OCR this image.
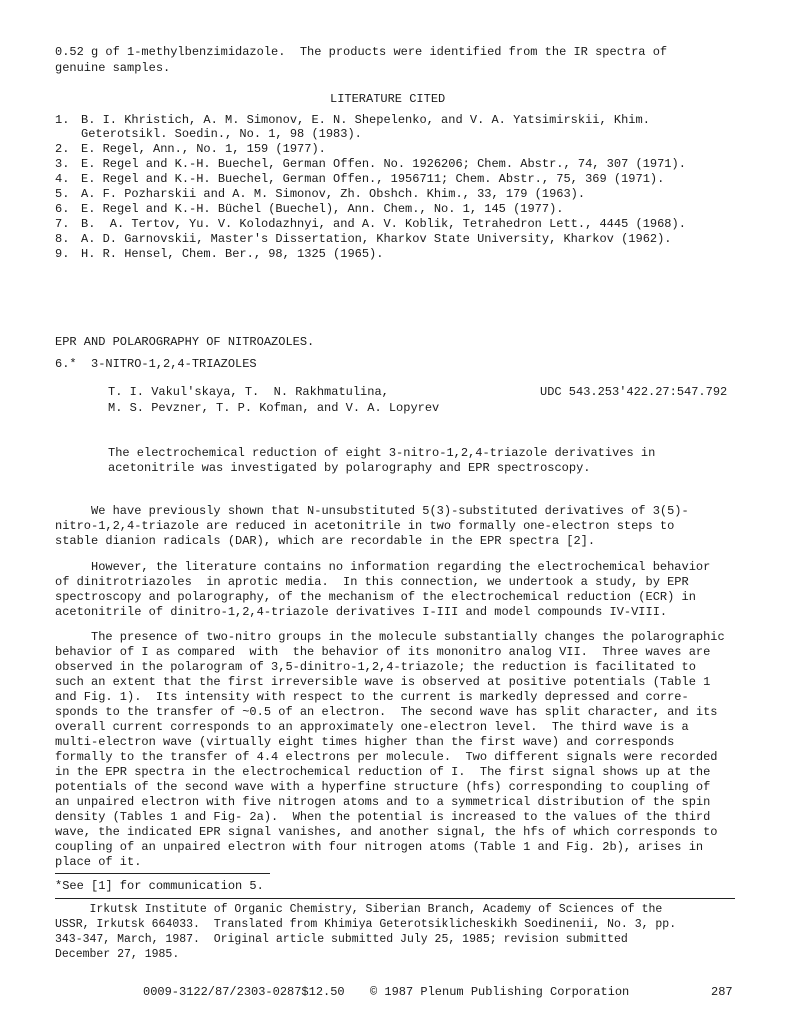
0.52 g of 1-methylbenzimidazole.  The products were identified from the IR spectra of
genuine samples.
LITERATURE CITED
1. B. I. Khristich, A. M. Simonov, E. N. Shepelenko, and V. A. Yatsimirskii, Khim.
Geterotsikl. Soedin., No. 1, 98 (1983).
2. E. Regel, Ann., No. 1, 159 (1977).
3. E. Regel and K.-H. Buechel, German Offen. No. 1926206; Chem. Abstr., 74, 307 (1971).
4. E. Regel and K.-H. Buechel, German Offen., 1956711; Chem. Abstr., 75, 369 (1971).
5. A. F. Pozharskii and A. M. Simonov, Zh. Obshch. Khim., 33, 179 (1963).
6. E. Regel and K.-H. Büchel (Buechel), Ann. Chem., No. 1, 145 (1977).
7. B.  A. Tertov, Yu. V. Kolodazhnyi, and A. V. Koblik, Tetrahedron Lett., 4445 (1968).
8. A. D. Garnovskii, Master's Dissertation, Kharkov State University, Kharkov (1962).
9. H. R. Hensel, Chem. Ber., 98, 1325 (1965).
EPR AND POLAROGRAPHY OF NITROAZOLES.
6.*  3-NITRO-1,2,4-TRIAZOLES
T. I. Vakul'skaya, T.  N. Rakhmatulina,
M. S. Pevzner, T. P. Kofman, and V. A. Lopyrev
UDC 543.253'422.27:547.792
The electrochemical reduction of eight 3-nitro-1,2,4-triazole derivatives in
acetonitrile was investigated by polarography and EPR spectroscopy.
We have previously shown that N-unsubstituted 5(3)-substituted derivatives of 3(5)-
nitro-1,2,4-triazole are reduced in acetonitrile in two formally one-electron steps to
stable dianion radicals (DAR), which are recordable in the EPR spectra [2].
However, the literature contains no information regarding the electrochemical behavior
of dinitrotriazoles  in aprotic media.  In this connection, we undertook a study, by EPR
spectroscopy and polarography, of the mechanism of the electrochemical reduction (ECR) in
acetonitrile of dinitro-1,2,4-triazole derivatives I-III and model compounds IV-VIII.
The presence of two-nitro groups in the molecule substantially changes the polarographic
behavior of I as compared  with  the behavior of its mononitro analog VII.  Three waves are
observed in the polarogram of 3,5-dinitro-1,2,4-triazole; the reduction is facilitated to
such an extent that the first irreversible wave is observed at positive potentials (Table 1
and Fig. 1).  Its intensity with respect to the current is markedly depressed and corre-
sponds to the transfer of ~0.5 of an electron.  The second wave has split character, and its
overall current corresponds to an approximately one-electron level.  The third wave is a
multi-electron wave (virtually eight times higher than the first wave) and corresponds
formally to the transfer of 4.4 electrons per molecule.  Two different signals were recorded
in the EPR spectra in the electrochemical reduction of I.  The first signal shows up at the
potentials of the second wave with a hyperfine structure (hfs) corresponding to coupling of
an unpaired electron with five nitrogen atoms and to a symmetrical distribution of the spin
density (Tables 1 and Fig- 2a).  When the potential is increased to the values of the third
wave, the indicated EPR signal vanishes, and another signal, the hfs of which corresponds to
coupling of an unpaired electron with four nitrogen atoms (Table 1 and Fig. 2b), arises in
place of it.
*See [1] for communication 5.
Irkutsk Institute of Organic Chemistry, Siberian Branch, Academy of Sciences of the
USSR, Irkutsk 664033.  Translated from Khimiya Geterotsiklicheskikh Soedinenii, No. 3, pp.
343-347, March, 1987.  Original article submitted July 25, 1985; revision submitted
December 27, 1985.
0009-3122/87/2303-0287$12.50 © 1987 Plenum Publishing Corporation	287
